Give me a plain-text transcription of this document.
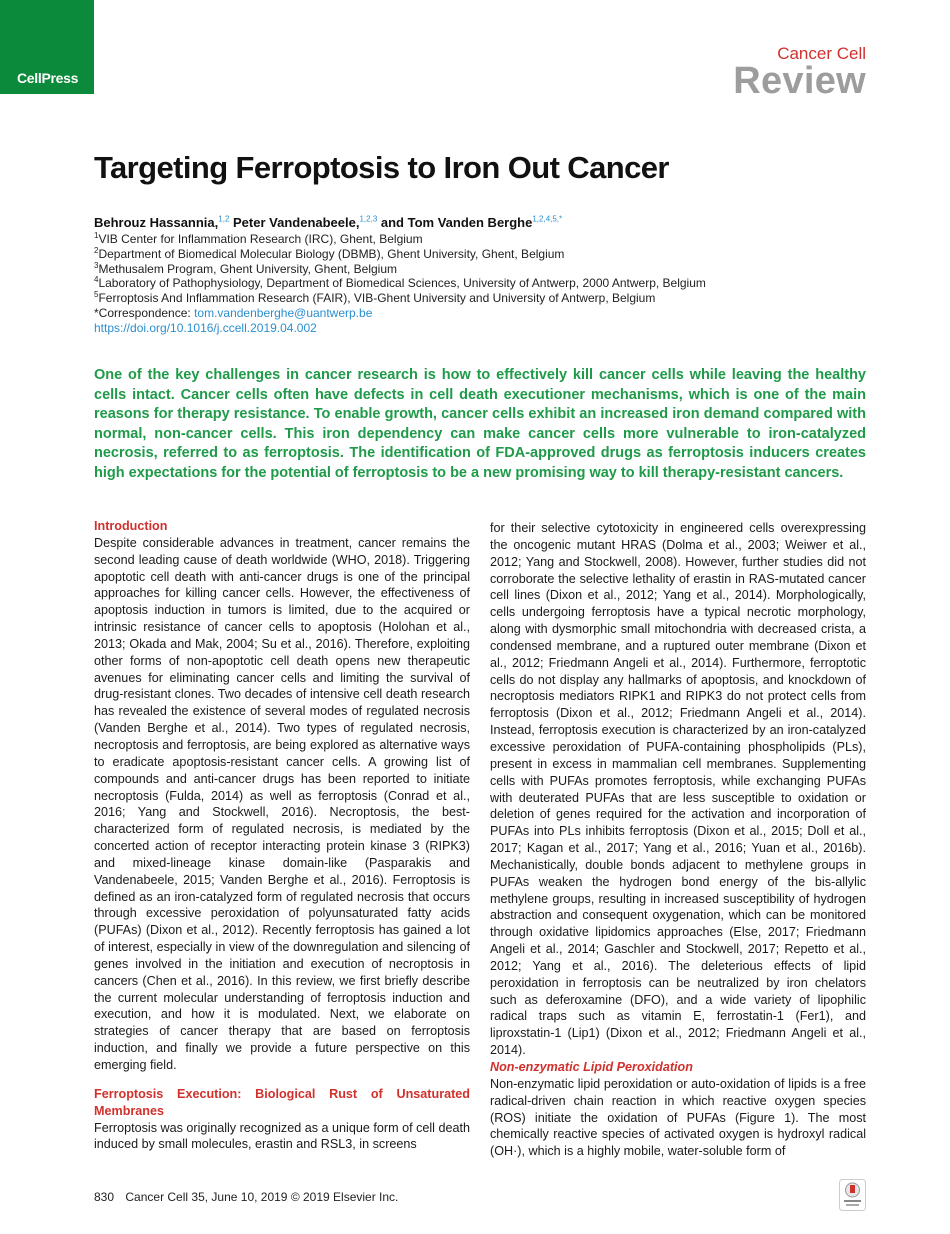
CellPress
Cancer Cell
Review
Targeting Ferroptosis to Iron Out Cancer
Behrouz Hassannia,$^{1,2}$ Peter Vandenabeele,$^{1,2,3}$ and Tom Vanden Berghe$^{1,2,4,5,*}$
$^1$VIB Center for Inflammation Research (IRC), Ghent, Belgium
$^2$Department of Biomedical Molecular Biology (DBMB), Ghent University, Ghent, Belgium
$^3$Methusalem Program, Ghent University, Ghent, Belgium
$^4$Laboratory of Pathophysiology, Department of Biomedical Sciences, University of Antwerp, 2000 Antwerp, Belgium
$^5$Ferroptosis And Inflammation Research (FAIR), VIB-Ghent University and University of Antwerp, Belgium
*Correspondence: tom.vandenberghe@uantwerp.be
https://doi.org/10.1016/j.ccell.2019.04.002
One of the key challenges in cancer research is how to effectively kill cancer cells while leaving the healthy cells intact. Cancer cells often have defects in cell death executioner mechanisms, which is one of the main reasons for therapy resistance. To enable growth, cancer cells exhibit an increased iron demand compared with normal, non-cancer cells. This iron dependency can make cancer cells more vulnerable to iron-catalyzed necrosis, referred to as ferroptosis. The identification of FDA-approved drugs as ferroptosis inducers creates high expectations for the potential of ferroptosis to be a new promising way to kill therapy-resistant cancers.

Introduction

Despite considerable advances in treatment, cancer remains the second leading cause of death worldwide (WHO, 2018). Triggering apoptotic cell death with anti-cancer drugs is one of the principal approaches for killing cancer cells. However, the effectiveness of apoptosis induction in tumors is limited, due to the acquired or intrinsic resistance of cancer cells to apoptosis (Holohan et al., 2013; Okada and Mak, 2004; Su et al., 2016). Therefore, exploiting other forms of non-apoptotic cell death opens new therapeutic avenues for eliminating cancer cells and limiting the survival of drug-resistant clones. Two decades of intensive cell death research has revealed the existence of several modes of regulated necrosis (Vanden Berghe et al., 2014). Two types of regulated necrosis, necroptosis and ferroptosis, are being explored as alternative ways to eradicate apoptosis-resistant cancer cells. A growing list of compounds and anti-cancer drugs has been reported to initiate necroptosis (Fulda, 2014) as well as ferroptosis (Conrad et al., 2016; Yang and Stockwell, 2016). Necroptosis, the best-characterized form of regulated necrosis, is mediated by the concerted action of receptor interacting protein kinase 3 (RIPK3) and mixed-lineage kinase domain-like (Pasparakis and Vandenabeele, 2015; Vanden Berghe et al., 2016). Ferroptosis is defined as an iron-catalyzed form of regulated necrosis that occurs through excessive peroxidation of polyunsaturated fatty acids (PUFAs) (Dixon et al., 2012). Recently ferroptosis has gained a lot of interest, especially in view of the downregulation and silencing of genes involved in the initiation and execution of necroptosis in cancers (Chen et al., 2016). In this review, we first briefly describe the current molecular understanding of ferroptosis induction and execution, and how it is modulated. Next, we elaborate on strategies of cancer therapy that are based on ferroptosis induction, and finally we provide a future perspective on this emerging field.

Ferroptosis Execution: Biological Rust of Unsaturated Membranes

Ferroptosis was originally recognized as a unique form of cell death induced by small molecules, erastin and RSL3, in screens

for their selective cytotoxicity in engineered cells overexpressing the oncogenic mutant HRAS (Dolma et al., 2003; Weiwer et al., 2012; Yang and Stockwell, 2008). However, further studies did not corroborate the selective lethality of erastin in RAS-mutated cancer cell lines (Dixon et al., 2012; Yang et al., 2014). Morphologically, cells undergoing ferroptosis have a typical necrotic morphology, along with dysmorphic small mitochondria with decreased crista, a condensed membrane, and a ruptured outer membrane (Dixon et al., 2012; Friedmann Angeli et al., 2014). Furthermore, ferroptotic cells do not display any hallmarks of apoptosis, and knockdown of necroptosis mediators RIPK1 and RIPK3 do not protect cells from ferroptosis (Dixon et al., 2012; Friedmann Angeli et al., 2014). Instead, ferroptosis execution is characterized by an iron-catalyzed excessive peroxidation of PUFA-containing phospholipids (PLs), present in excess in mammalian cell membranes. Supplementing cells with PUFAs promotes ferroptosis, while exchanging PUFAs with deuterated PUFAs that are less susceptible to oxidation or deletion of genes required for the activation and incorporation of PUFAs into PLs inhibits ferroptosis (Dixon et al., 2015; Doll et al., 2017; Kagan et al., 2017; Yang et al., 2016; Yuan et al., 2016b). Mechanistically, double bonds adjacent to methylene groups in PUFAs weaken the hydrogen bond energy of the bis-allylic methylene groups, resulting in increased susceptibility of hydrogen abstraction and consequent oxygenation, which can be monitored through oxidative lipidomics approaches (Else, 2017; Friedmann Angeli et al., 2014; Gaschler and Stockwell, 2017; Repetto et al., 2012; Yang et al., 2016). The deleterious effects of lipid peroxidation in ferroptosis can be neutralized by iron chelators such as deferoxamine (DFO), and a wide variety of lipophilic radical traps such as vitamin E, ferrostatin-1 (Fer1), and liproxstatin-1 (Lip1) (Dixon et al., 2012; Friedmann Angeli et al., 2014).

Non-enzymatic Lipid Peroxidation

Non-enzymatic lipid peroxidation or auto-oxidation of lipids is a free radical-driven chain reaction in which reactive oxygen species (ROS) initiate the oxidation of PUFAs (Figure 1). The most chemically reactive species of activated oxygen is hydroxyl radical (OH·), which is a highly mobile, water-soluble form of

830 Cancer Cell 35, June 10, 2019 © 2019 Elsevier Inc.
